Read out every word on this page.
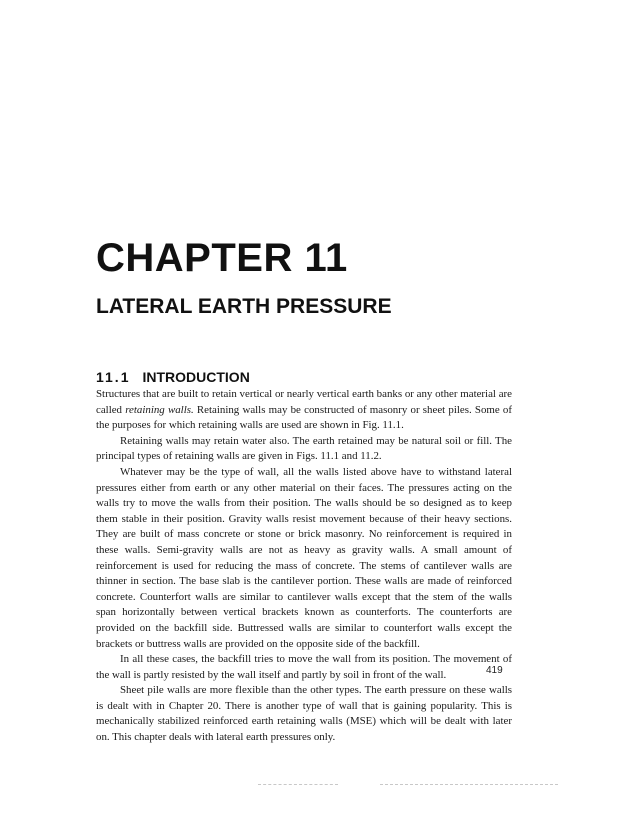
CHAPTER 11
LATERAL EARTH PRESSURE
11.1 INTRODUCTION

Structures that are built to retain vertical or nearly vertical earth banks or any other material are called retaining walls. Retaining walls may be constructed of masonry or sheet piles. Some of the purposes for which retaining walls are used are shown in Fig. 11.1.

Retaining walls may retain water also. The earth retained may be natural soil or fill. The principal types of retaining walls are given in Figs. 11.1 and 11.2.

Whatever may be the type of wall, all the walls listed above have to withstand lateral pressures either from earth or any other material on their faces. The pressures acting on the walls try to move the walls from their position. The walls should be so designed as to keep them stable in their position. Gravity walls resist movement because of their heavy sections. They are built of mass concrete or stone or brick masonry. No reinforcement is required in these walls. Semi-gravity walls are not as heavy as gravity walls. A small amount of reinforcement is used for reducing the mass of concrete. The stems of cantilever walls are thinner in section. The base slab is the cantilever portion. These walls are made of reinforced concrete. Counterfort walls are similar to cantilever walls except that the stem of the walls span horizontally between vertical brackets known as counterforts. The counterforts are provided on the backfill side. Buttressed walls are similar to counterfort walls except the brackets or buttress walls are provided on the opposite side of the backfill.

In all these cases, the backfill tries to move the wall from its position. The movement of the wall is partly resisted by the wall itself and partly by soil in front of the wall.

Sheet pile walls are more flexible than the other types. The earth pressure on these walls is dealt with in Chapter 20. There is another type of wall that is gaining popularity. This is mechanically stabilized reinforced earth retaining walls (MSE) which will be dealt with later on. This chapter deals with lateral earth pressures only.

419
